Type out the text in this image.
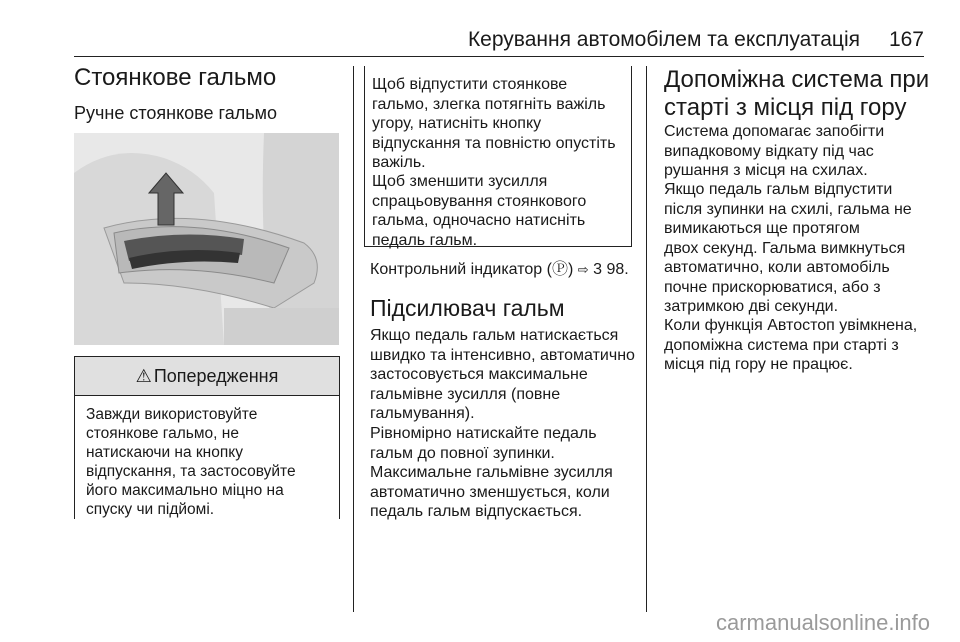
Керування автомобілем та експлуатація 167
Стоянкове гальмо
Ручне стоянкове гальмо
⚠ Попередження
Завжди використовуйте
стоянкове гальмо, не
натискаючи на кнопку
відпускання, та застосовуйте
його максимально міцно на
спуску чи підйомі.
Щоб відпустити стоянкове
гальмо, злегка потягніть важіль
угору, натисніть кнопку
відпускання та повністю опустіть
важіль.
Щоб зменшити зусилля
спрацьовування стоянкового
гальма, одночасно натисніть
педаль гальм.
Контрольний індикатор (Ⓟ) ⇨ 3 98.
Підсилювач гальм
Якщо педаль гальм натискається
швидко та інтенсивно, автоматично
застосовується максимальне
гальмівне зусилля (повне
гальмування).
Рівномірно натискайте педаль
гальм до повної зупинки.
Максимальне гальмівне зусилля
автоматично зменшується, коли
педаль гальм відпускається.
Допоміжна система при
старті з місця під гору
Система допомагає запобігти
випадковому відкату під час
рушання з місця на схилах.
Якщо педаль гальм відпустити
після зупинки на схилі, гальма не
вимикаються ще протягом
двох секунд. Гальма вимкнуться
автоматично, коли автомобіль
почне прискорюватися, або з
затримкою дві секунди.
Коли функція Автостоп увімкнена,
допоміжна система при старті з
місця під гору не працює.
carmanualsonline.info
